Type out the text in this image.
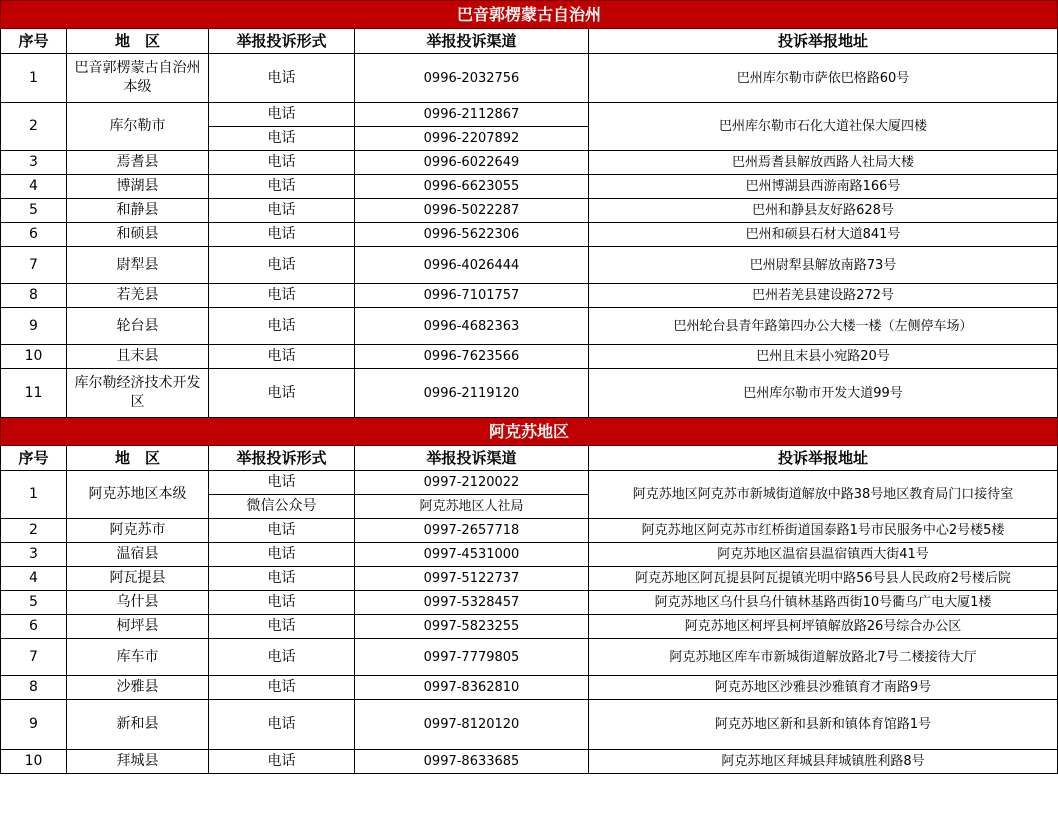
巴音郭楞蒙古自治州				
序号	地　区	举报投诉形式	举报投诉渠道	投诉举报地址
1	巴音郭楞蒙古自治州本级	电话	0996-2032756	巴州库尔勒市萨依巴格路60号
2	库尔勒市	电话	0996-2112867	巴州库尔勒市石化大道社保大厦四楼
		电话	0996-2207892	
3	焉耆县	电话	0996-6022649	巴州焉耆县解放西路人社局大楼
4	博湖县	电话	0996-6623055	巴州博湖县西游南路166号
5	和静县	电话	0996-5022287	巴州和静县友好路628号
6	和硕县	电话	0996-5622306	巴州和硕县石材大道841号
7	尉犁县	电话	0996-4026444	巴州尉犁县解放南路73号
8	若羌县	电话	0996-7101757	巴州若羌县建设路272号
9	轮台县	电话	0996-4682363	巴州轮台县青年路第四办公大楼一楼（左侧停车场）
10	且末县	电话	0996-7623566	巴州且末县小宛路20号
11	库尔勒经济技术开发区	电话	0996-2119120	巴州库尔勒市开发大道99号
阿克苏地区				
序号	地　区	举报投诉形式	举报投诉渠道	投诉举报地址
1	阿克苏地区本级	电话	0997-2120022	阿克苏地区阿克苏市新城街道解放中路38号地区教育局门口接待室
		微信公众号	阿克苏地区人社局	
2	阿克苏市	电话	0997-2657718	阿克苏地区阿克苏市红桥街道国泰路1号市民服务中心2号楼5楼
3	温宿县	电话	0997-4531000	阿克苏地区温宿县温宿镇西大街41号
4	阿瓦提县	电话	0997-5122737	阿克苏地区阿瓦提县阿瓦提镇光明中路56号县人民政府2号楼后院
5	乌什县	电话	0997-5328457	阿克苏地区乌什县乌什镇林基路西街10号衢乌广电大厦1楼
6	柯坪县	电话	0997-5823255	阿克苏地区柯坪县柯坪镇解放路26号综合办公区
7	库车市	电话	0997-7779805	阿克苏地区库车市新城街道解放路北7号二楼接待大厅
8	沙雅县	电话	0997-8362810	阿克苏地区沙雅县沙雅镇育才南路9号
9	新和县	电话	0997-8120120	阿克苏地区新和县新和镇体育馆路1号
10	拜城县	电话	0997-8633685	阿克苏地区拜城县拜城镇胜利路8号
